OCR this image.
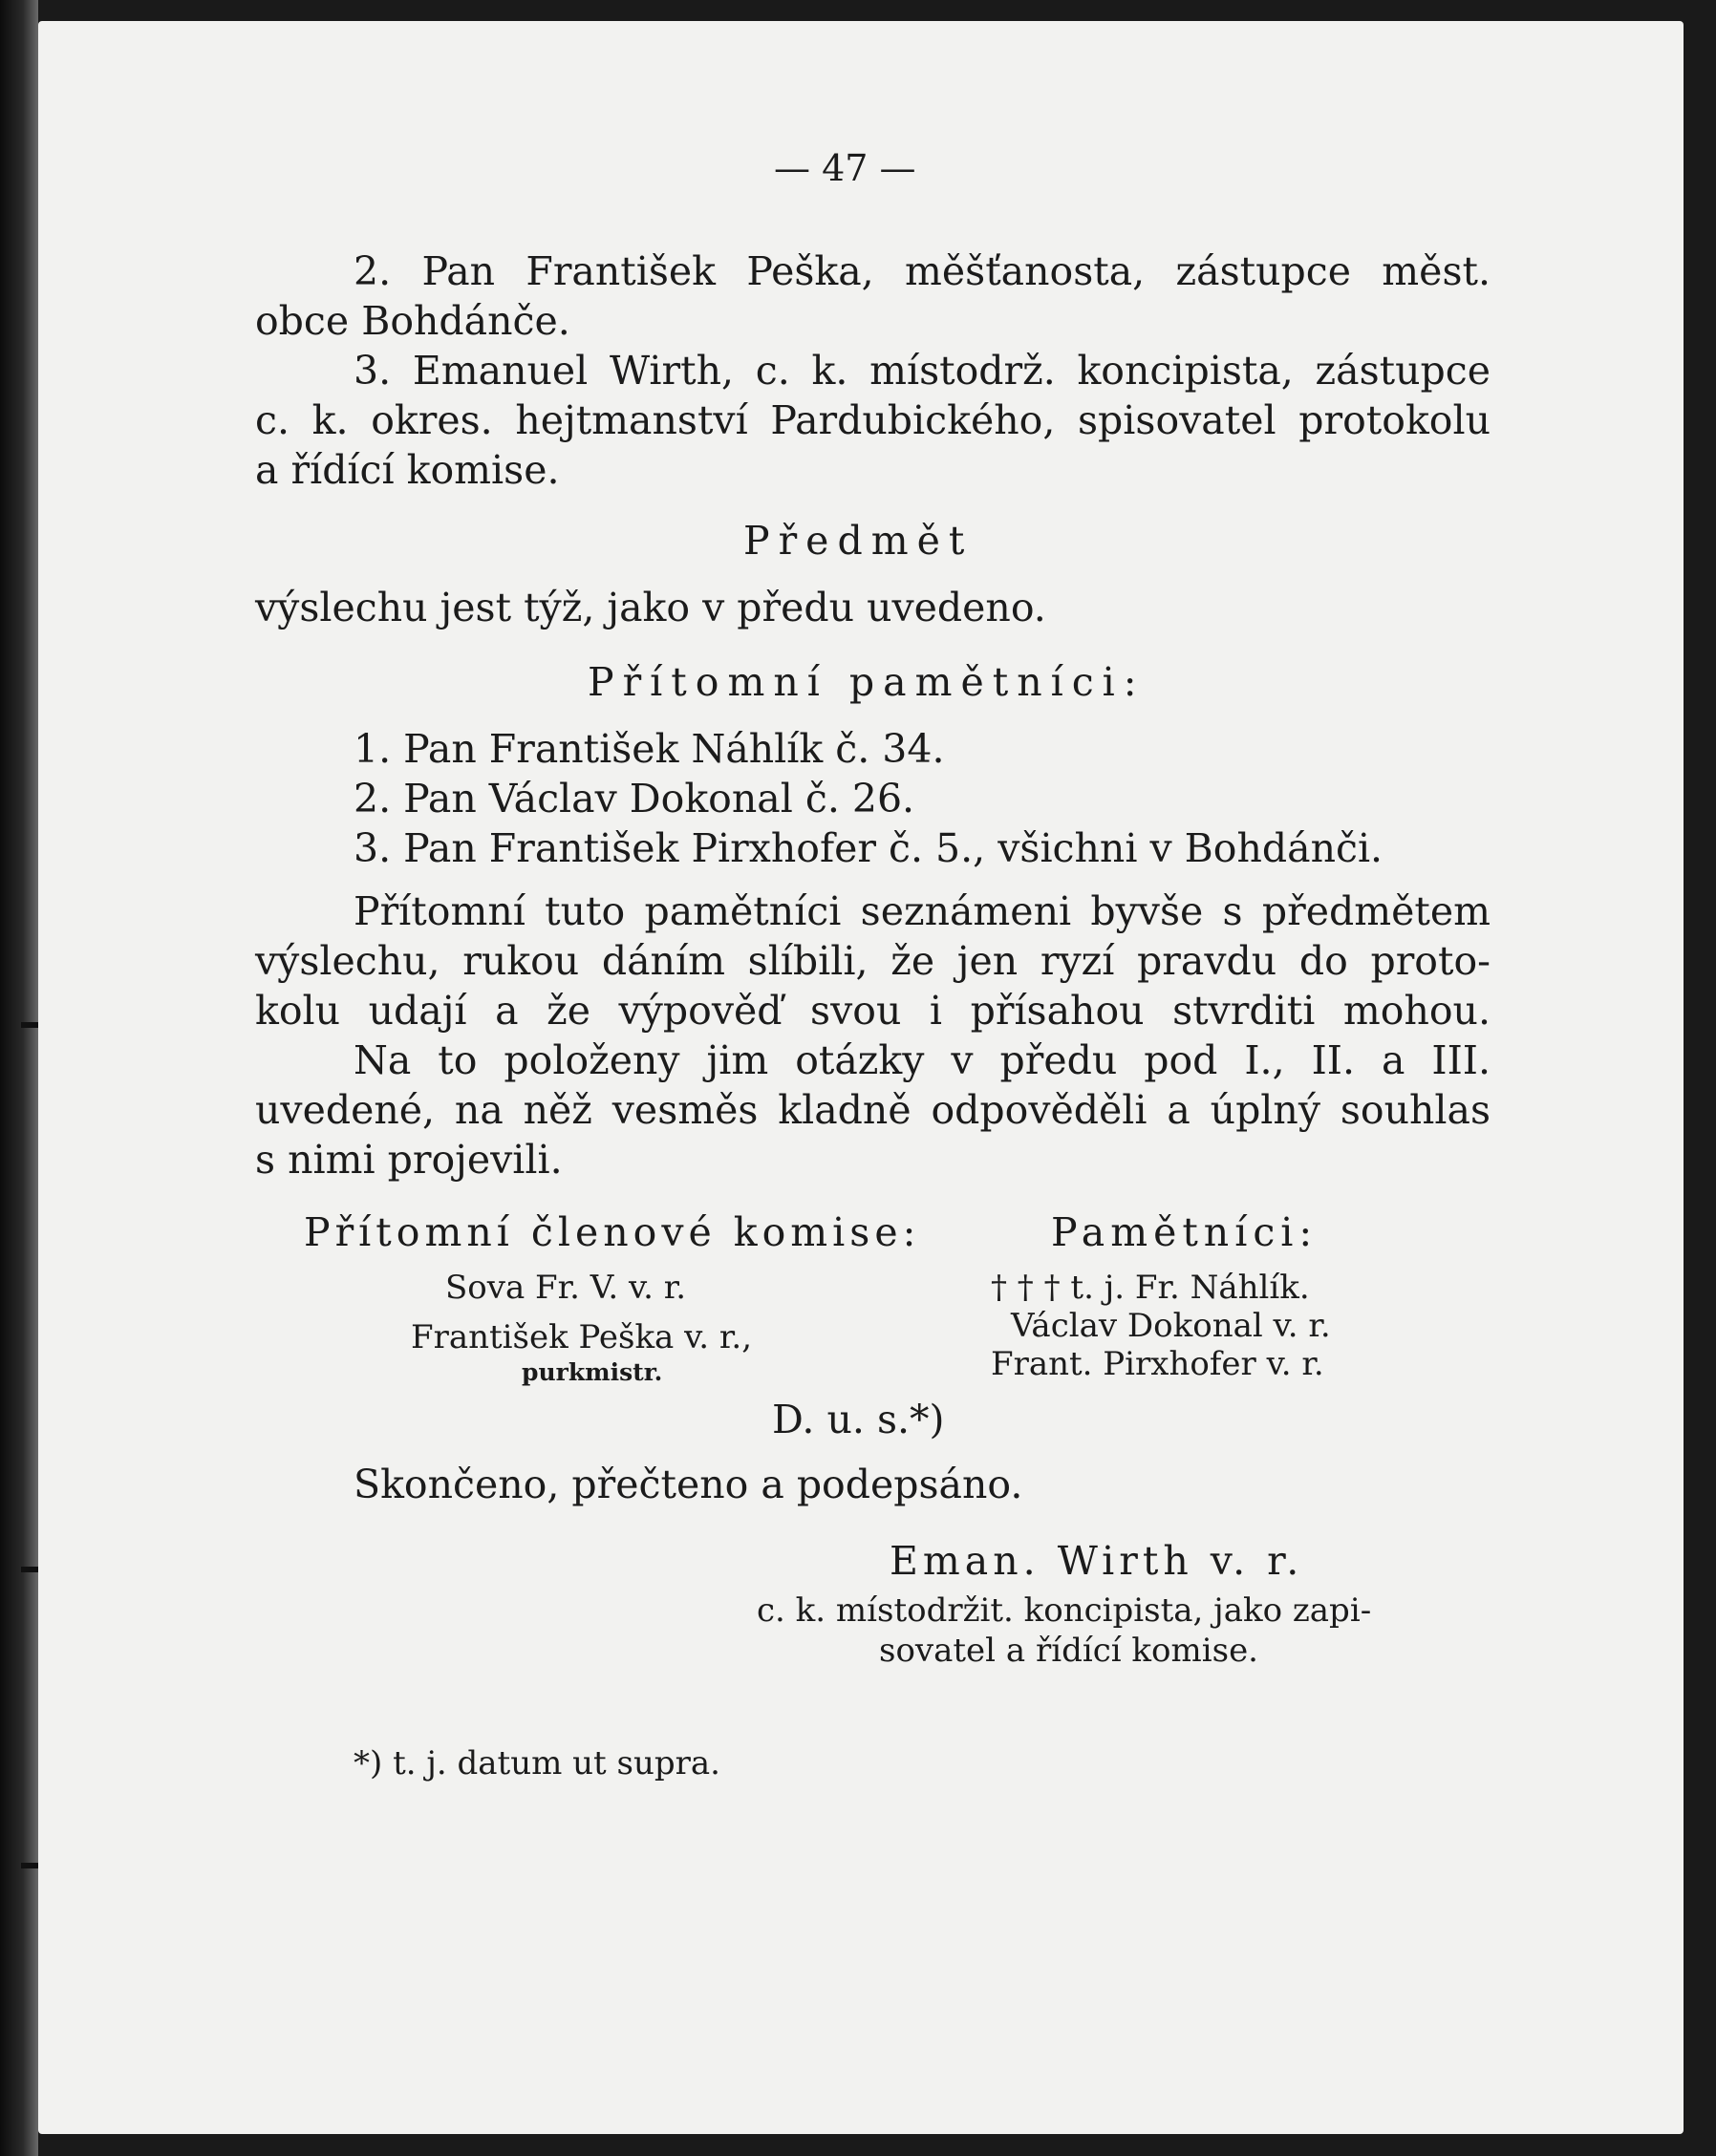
— 47 —

2. Pan František Peška, měšťanosta, zástupce měst.

obce Bohdánče.

3. Emanuel Wirth, c. k. místodrž. koncipista, zástupce

c. k. okres. hejtmanství Pardubického, spisovatel protokolu

a řídící komise.

Předmět

výslechu jest týž, jako v předu uvedeno.

Přítomní pamětníci:

1. Pan František Náhlík č. 34.

2. Pan Václav Dokonal č. 26.

3. Pan František Pirxhofer č. 5., všichni v Bohdánči.

Přítomní tuto pamětníci seznámeni byvše s předmětem

výslechu, rukou dáním slíbili, že jen ryzí pravdu do proto-

kolu udají a že výpověď svou i přísahou stvrditi mohou.

Na to položeny jim otázky v předu pod I., II. a III.

uvedené, na něž vesměs kladně odpověděli a úplný souhlas

s nimi projevili.

Přítomní členové komise:	Pamětníci:

Sova Fr. V. v. r.

František Peška v. r.,

purkmistr.

† † † t. j. Fr. Náhlík.

Václav Dokonal v. r.

Frant. Pirxhofer v. r.

D. u. s.*)

Skončeno, přečteno a podepsáno.

Eman. Wirth v. r.

c. k. místodržit. koncipista, jako zapi-

sovatel a řídící komise.

*) t. j. datum ut supra.
